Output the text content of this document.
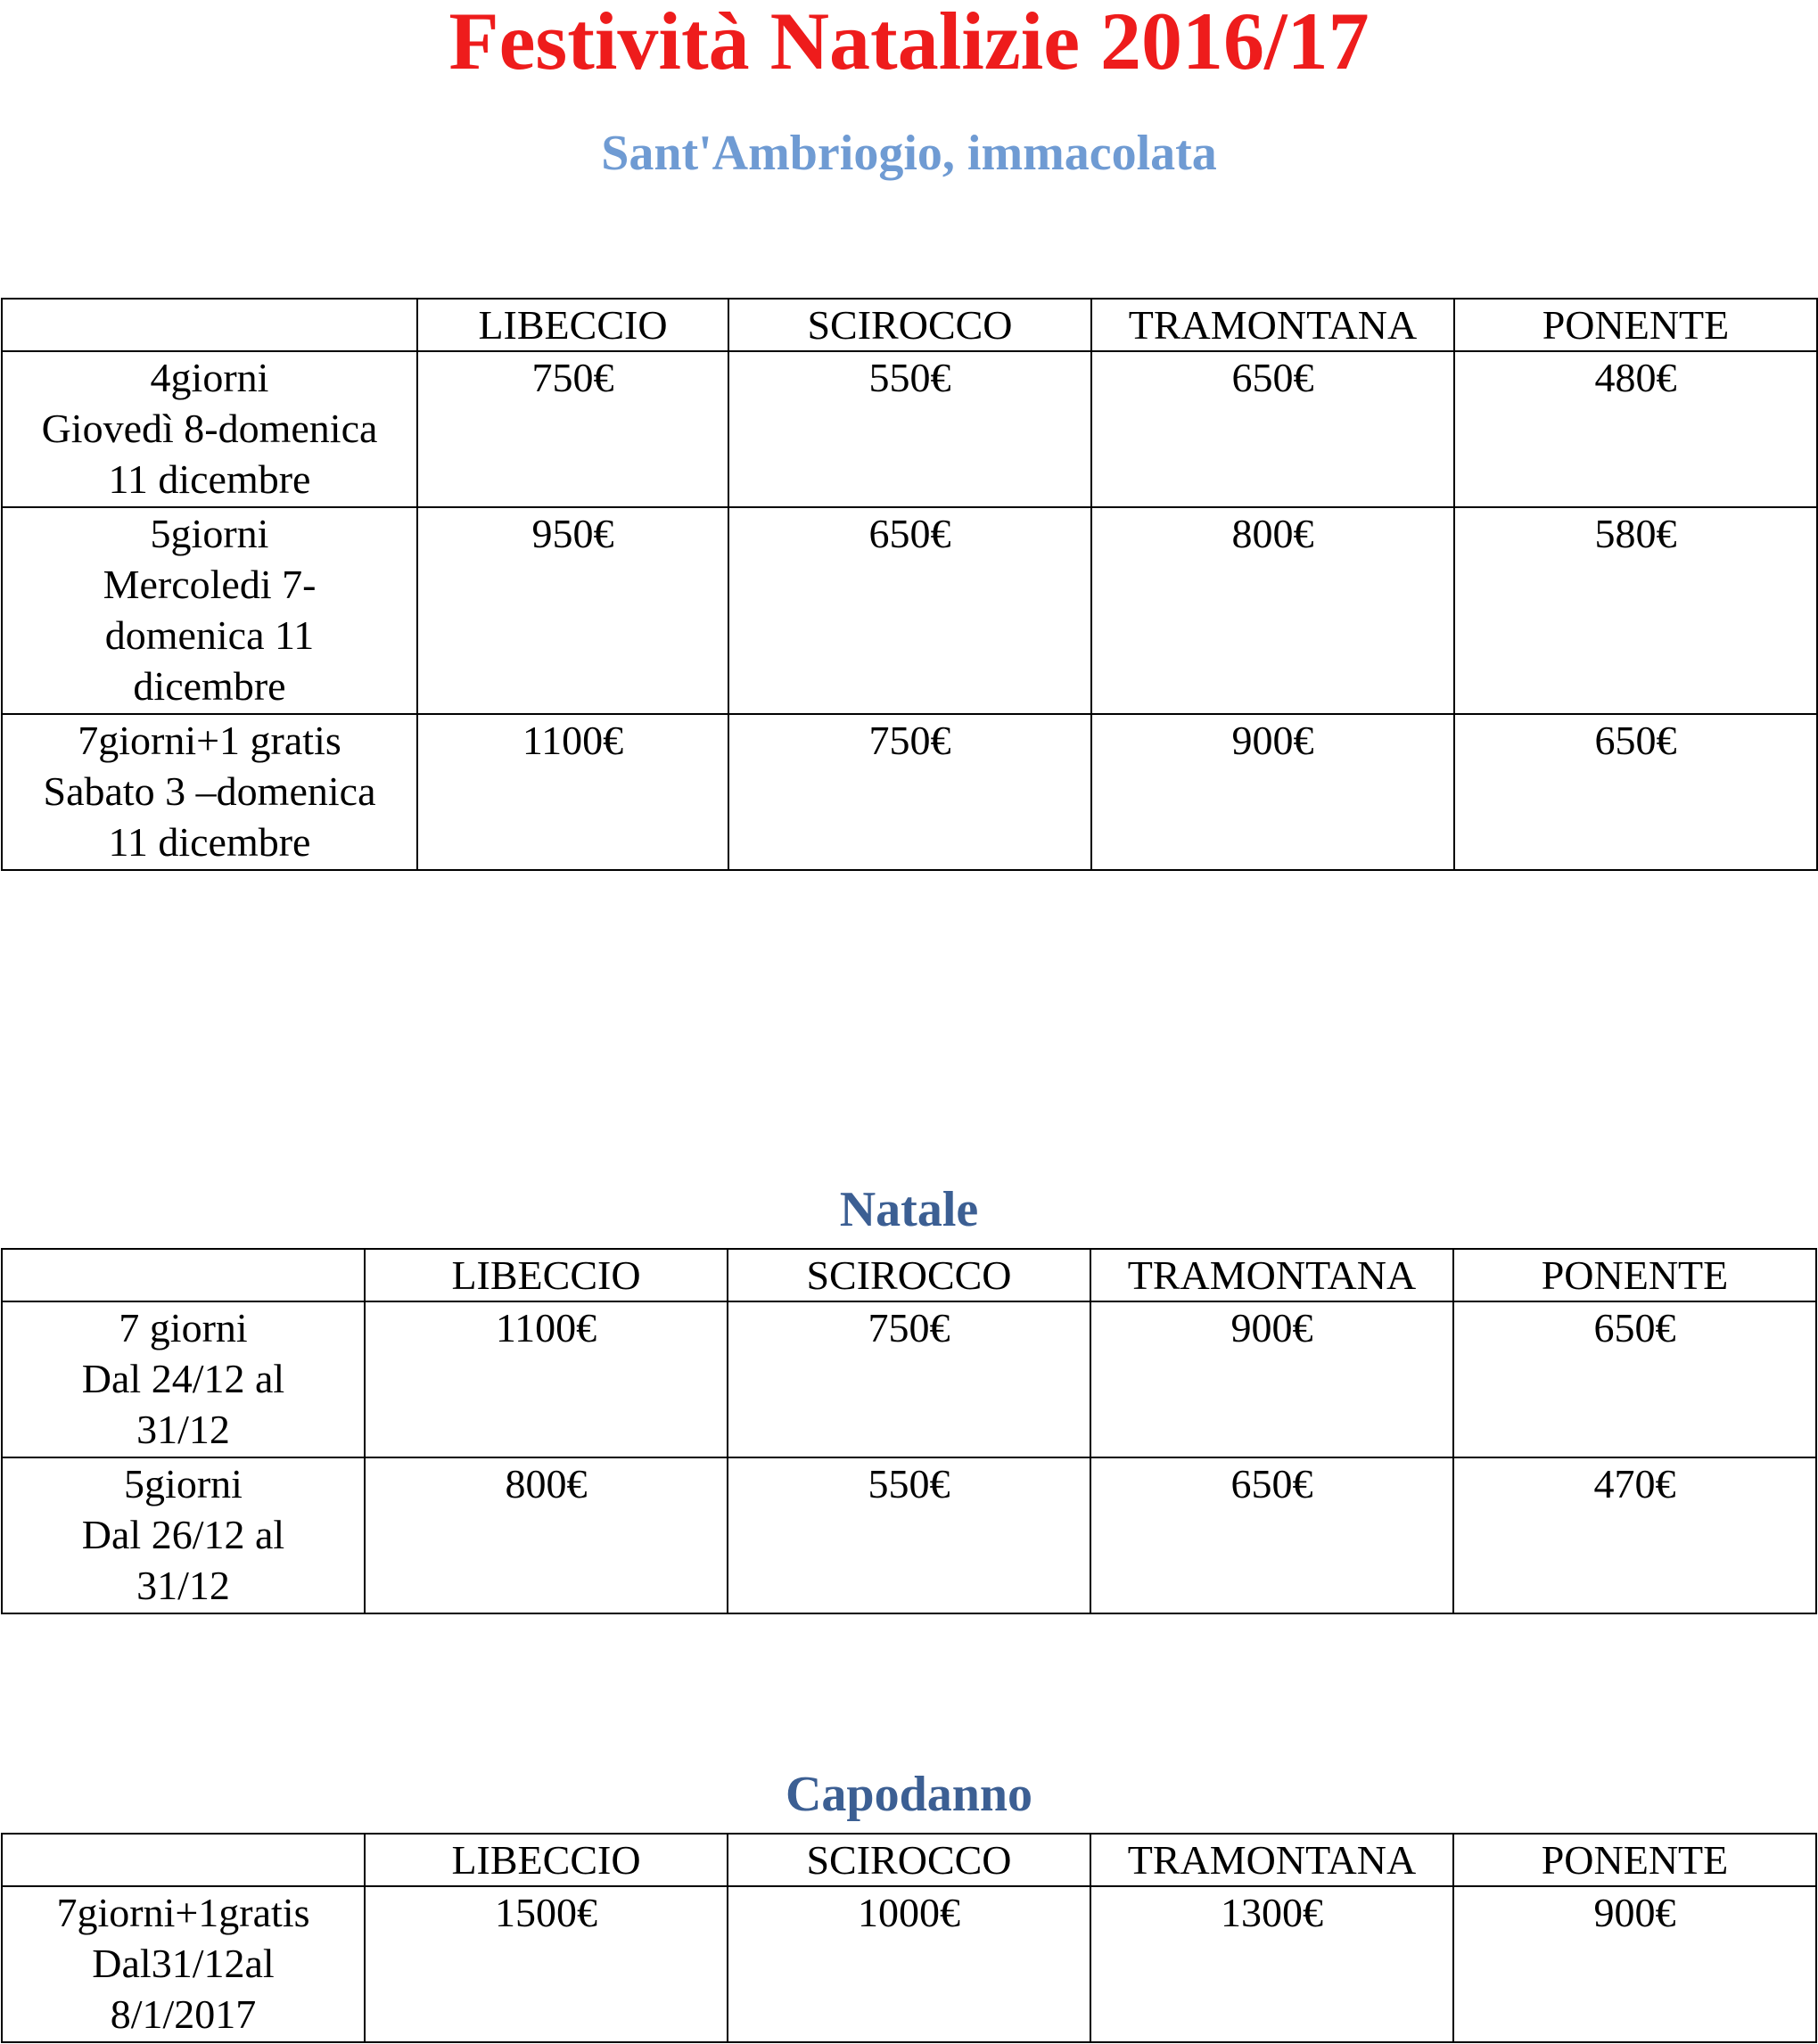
Festività Natalizie 2016/17
Sant'Ambriogio, immacolata
	LIBECCIO	SCIROCCO	TRAMONTANA	PONENTE

4giorni
Giovedì 8-domenica
11 dicembre	750€	550€	650€	480€

5giorni
Mercoledi 7-
domenica 11
dicembre	950€	650€	800€	580€

7giorni+1 gratis
Sabato 3 –domenica
11 dicembre	1100€	750€	900€	650€
Natale
	LIBECCIO	SCIROCCO	TRAMONTANA	PONENTE

7 giorni
Dal 24/12 al
31/12	1100€	750€	900€	650€

5giorni
Dal 26/12 al
31/12	800€	550€	650€	470€
Capodanno
	LIBECCIO	SCIROCCO	TRAMONTANA	PONENTE

7giorni+1gratis
Dal31/12al
8/1/2017	1500€	1000€	1300€	900€
